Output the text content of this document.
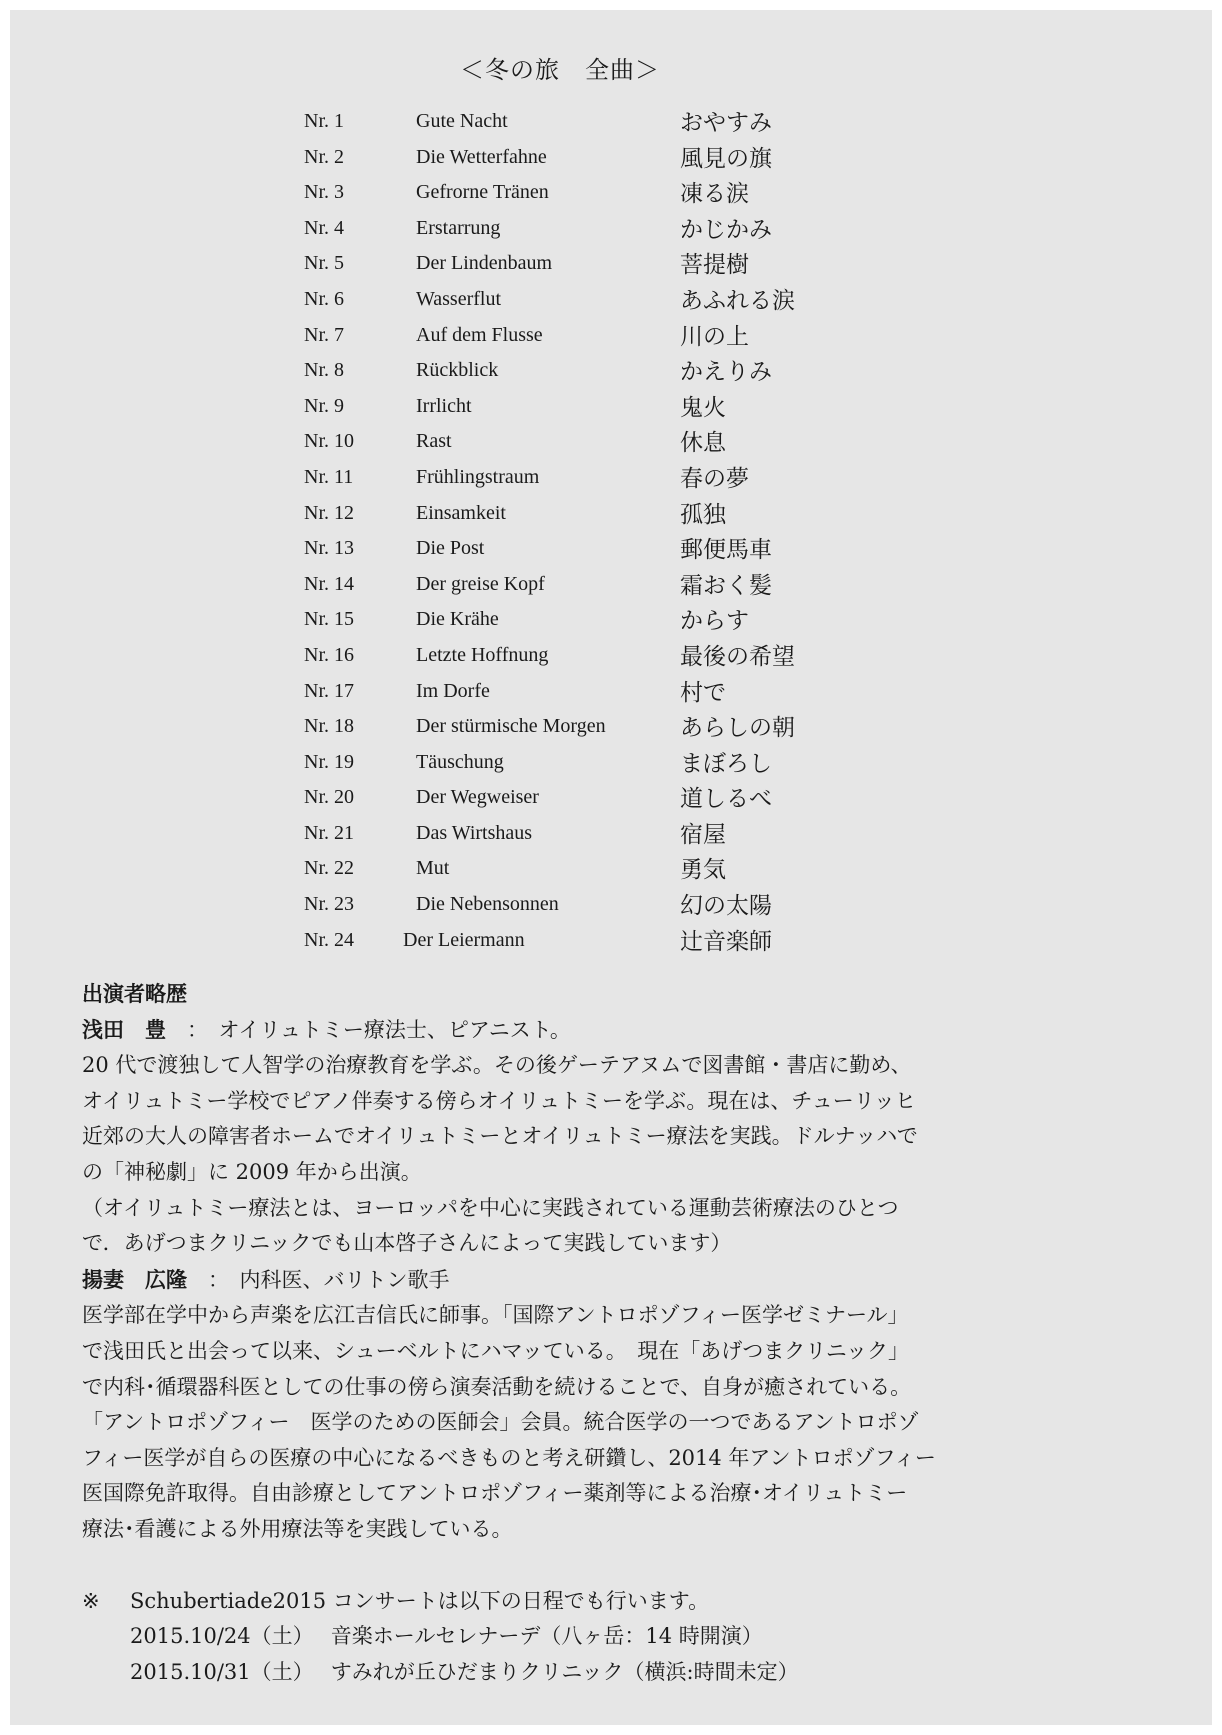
＜冬の旅　全曲＞
Nr. 1	Gute Nacht	おやすみ
Nr. 2	Die Wetterfahne	風見の旗
Nr. 3	Gefrorne Tränen	凍る涙
Nr. 4	Erstarrung	かじかみ
Nr. 5	Der Lindenbaum	菩提樹
Nr. 6	Wasserflut	あふれる涙
Nr. 7	Auf dem Flusse	川の上
Nr. 8	Rückblick	かえりみ
Nr. 9	Irrlicht	鬼火
Nr. 10	Rast	休息
Nr. 11	Frühlingstraum	春の夢
Nr. 12	Einsamkeit	孤独
Nr. 13	Die Post	郵便馬車
Nr. 14	Der greise Kopf	霜おく髪
Nr. 15	Die Krähe	からす
Nr. 16	Letzte Hoffnung	最後の希望
Nr. 17	Im Dorfe	村で
Nr. 18	Der stürmische Morgen	あらしの朝
Nr. 19	Täuschung	まぼろし
Nr. 20	Der Wegweiser	道しるべ
Nr. 21	Das Wirtshaus	宿屋
Nr. 22	Mut	勇気
Nr. 23	Die Nebensonnen	幻の太陽
Nr. 24 Der Leiermann	辻音楽師

出演者略歴

浅田　豊　 ：　オイリュトミー療法士、ピアニスト。

20 代で渡独して人智学の治療教育を学ぶ。その後ゲーテアヌムで図書館・書店に勤め、

オイリュトミー学校でピアノ伴奏する傍らオイリュトミーを学ぶ。現在は、チューリッヒ

近郊の大人の障害者ホームでオイリュトミーとオイリュトミー療法を実践。ドルナッハで

の「神秘劇」に 2009 年から出演。

（オイリュトミー療法とは、ヨーロッパを中心に実践されている運動芸術療法のひとつ

で．あげつまクリニックでも山本啓子さんによって実践しています）

揚妻　広隆　 ：　内科医、バリトン歌手

医学部在学中から声楽を広江吉信氏に師事。「国際アントロポゾフィー医学ゼミナール」

で浅田氏と出会って以来、シューベルトにハマッている。　現在「あげつまクリニック」

で内科･循環器科医としての仕事の傍ら演奏活動を続けることで、自身が癒されている。

「アントロポゾフィー　医学のための医師会」会員。統合医学の一つであるアントロポゾ

フィー医学が自らの医療の中心になるべきものと考え研鑽し、2014 年アントロポゾフィー

医国際免許取得。自由診療としてアントロポゾフィー薬剤等による治療･オイリュトミー

療法･看護による外用療法等を実践している。

※ Schubertiade2015 コンサートは以下の日程でも行います。

2015.10/24（土）　 音楽ホールセレナーデ（八ヶ岳：14 時開演）

2015.10/31（土）　 すみれが丘ひだまりクリニック（横浜:時間未定）
